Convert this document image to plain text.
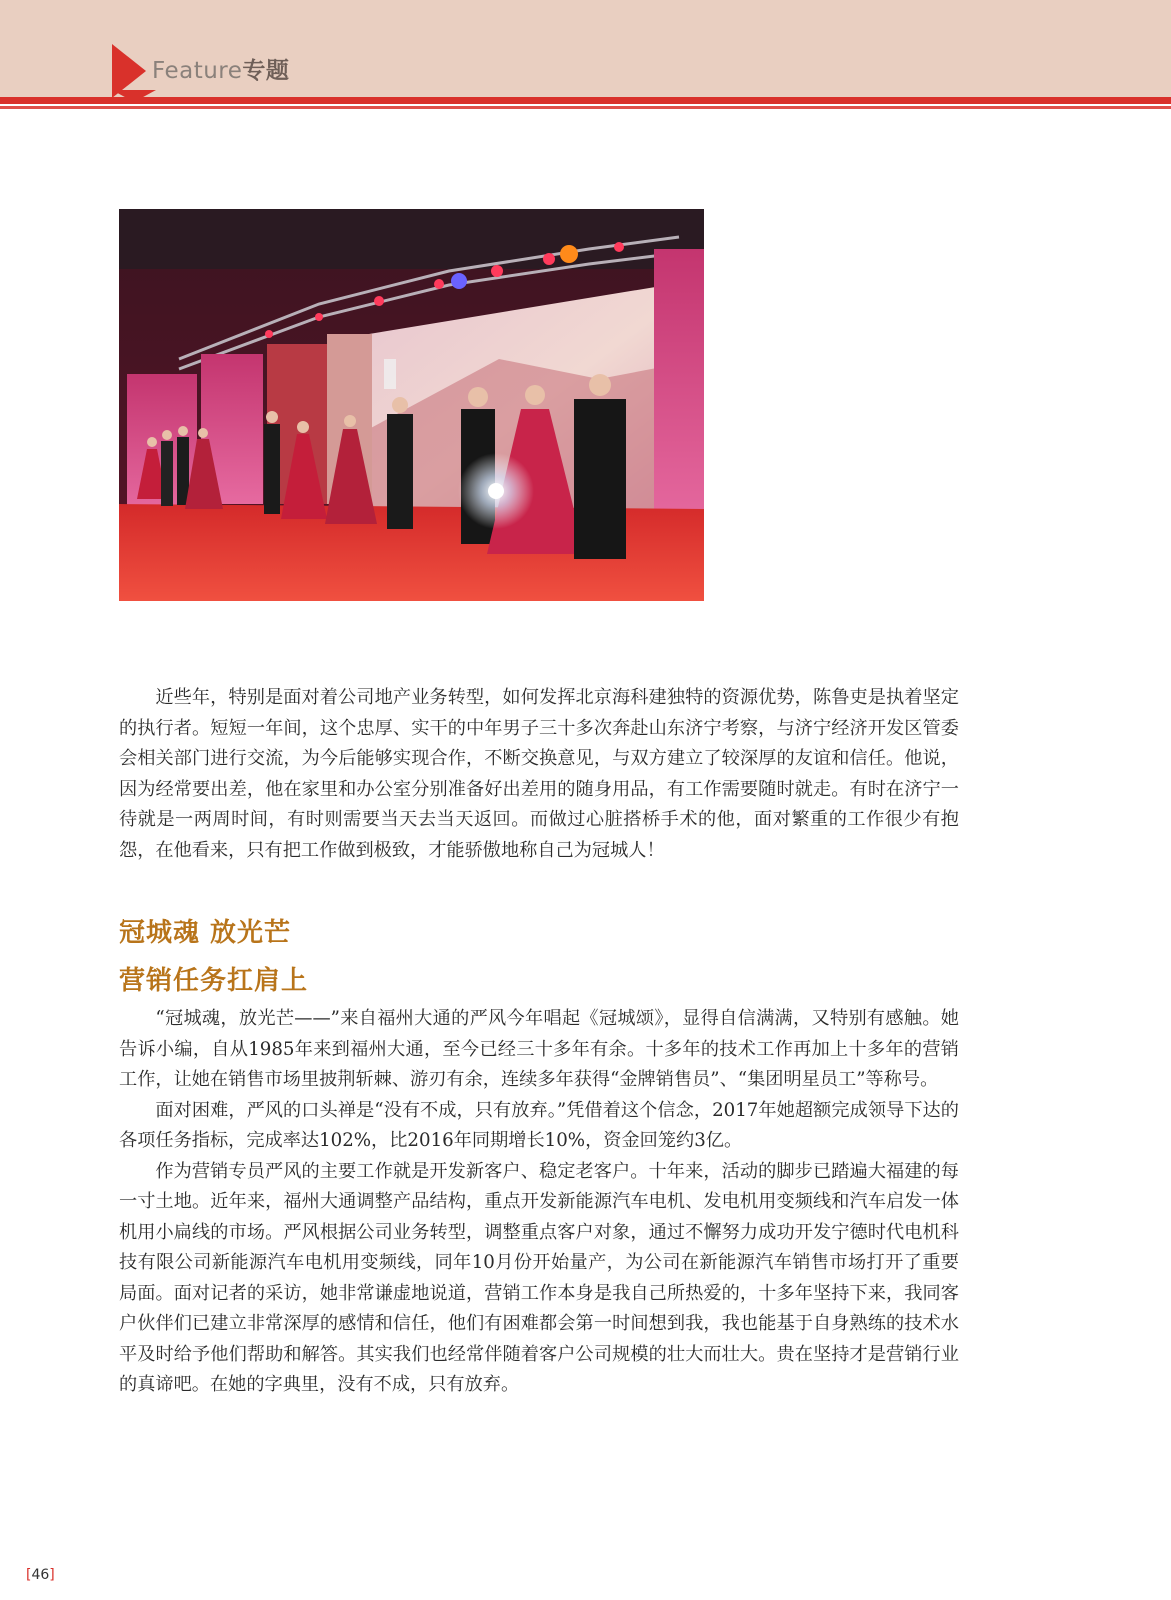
Feature专题

近些年，特别是面对着公司地产业务转型，如何发挥北京海科建独特的资源优势，陈鲁吏是执着坚定的执行者。短短一年间，这个忠厚、实干的中年男子三十多次奔赴山东济宁考察，与济宁经济开发区管委会相关部门进行交流，为今后能够实现合作，不断交换意见，与双方建立了较深厚的友谊和信任。他说，因为经常要出差，他在家里和办公室分别准备好出差用的随身用品，有工作需要随时就走。有时在济宁一待就是一两周时间，有时则需要当天去当天返回。而做过心脏搭桥手术的他，面对繁重的工作很少有抱怨，在他看来，只有把工作做到极致，才能骄傲地称自己为冠城人！

冠城魂 放光芒
营销任务扛肩上

“冠城魂，放光芒——”来自福州大通的严风今年唱起《冠城颂》，显得自信满满，又特别有感触。她告诉小编，自从1985年来到福州大通，至今已经三十多年有余。十多年的技术工作再加上十多年的营销工作，让她在销售市场里披荆斩棘、游刃有余，连续多年获得“金牌销售员”、“集团明星员工”等称号。

面对困难，严风的口头禅是“没有不成，只有放弃。”凭借着这个信念，2017年她超额完成领导下达的各项任务指标，完成率达102%，比2016年同期增长10%，资金回笼约3亿。

作为营销专员严风的主要工作就是开发新客户、稳定老客户。十年来，活动的脚步已踏遍大福建的每一寸土地。近年来，福州大通调整产品结构，重点开发新能源汽车电机、发电机用变频线和汽车启发一体机用小扁线的市场。严风根据公司业务转型，调整重点客户对象，通过不懈努力成功开发宁德时代电机科技有限公司新能源汽车电机用变频线，同年10月份开始量产，为公司在新能源汽车销售市场打开了重要局面。面对记者的采访，她非常谦虚地说道，营销工作本身是我自己所热爱的，十多年坚持下来，我同客户伙伴们已建立非常深厚的感情和信任，他们有困难都会第一时间想到我，我也能基于自身熟练的技术水平及时给予他们帮助和解答。其实我们也经常伴随着客户公司规模的壮大而壮大。贵在坚持才是营销行业的真谛吧。在她的字典里，没有不成，只有放弃。

[46]
